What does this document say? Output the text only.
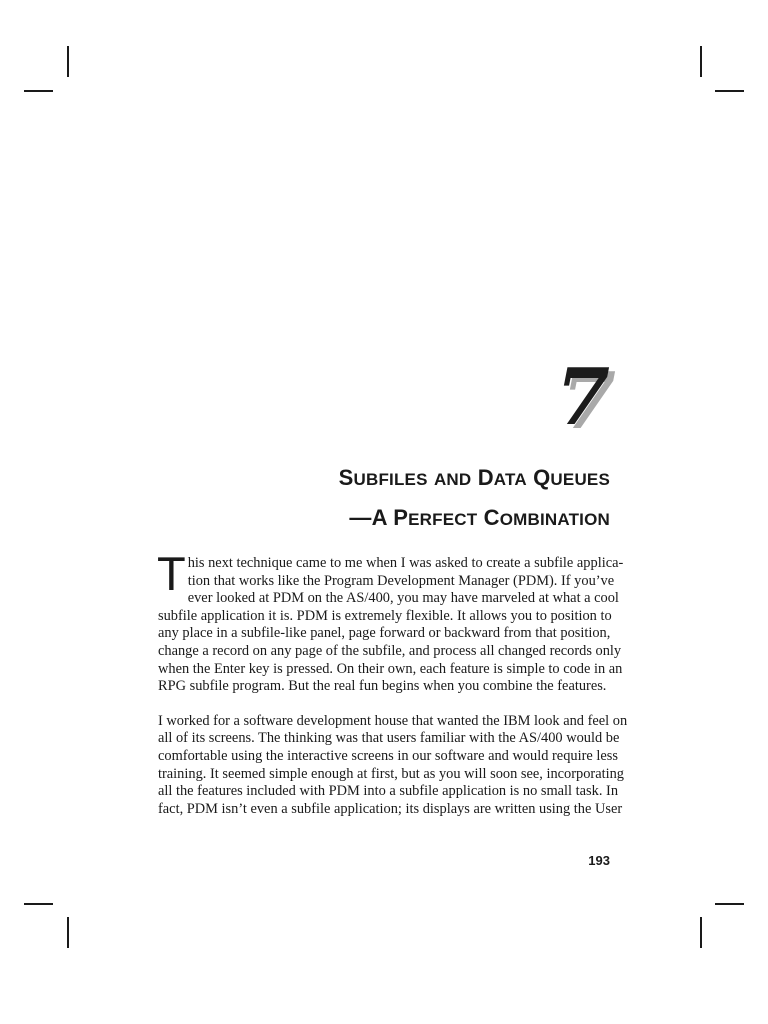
7
SUBFILES AND DATA QUEUES
—A PERFECT COMBINATION
T his next technique came to me when I was asked to create a subfile applica-
tion that works like the Program Development Manager (PDM). If you’ve
ever looked at PDM on the AS/400, you may have marveled at what a cool
subfile application it is. PDM is extremely flexible. It allows you to position to
any place in a subfile-like panel, page forward or backward from that position,
change a record on any page of the subfile, and process all changed records only
when the Enter key is pressed. On their own, each feature is simple to code in an
RPG subfile program. But the real fun begins when you combine the features.
I worked for a software development house that wanted the IBM look and feel on
all of its screens. The thinking was that users familiar with the AS/400 would be
comfortable using the interactive screens in our software and would require less
training. It seemed simple enough at first, but as you will soon see, incorporating
all the features included with PDM into a subfile application is no small task. In
fact, PDM isn’t even a subfile application; its displays are written using the User
193
